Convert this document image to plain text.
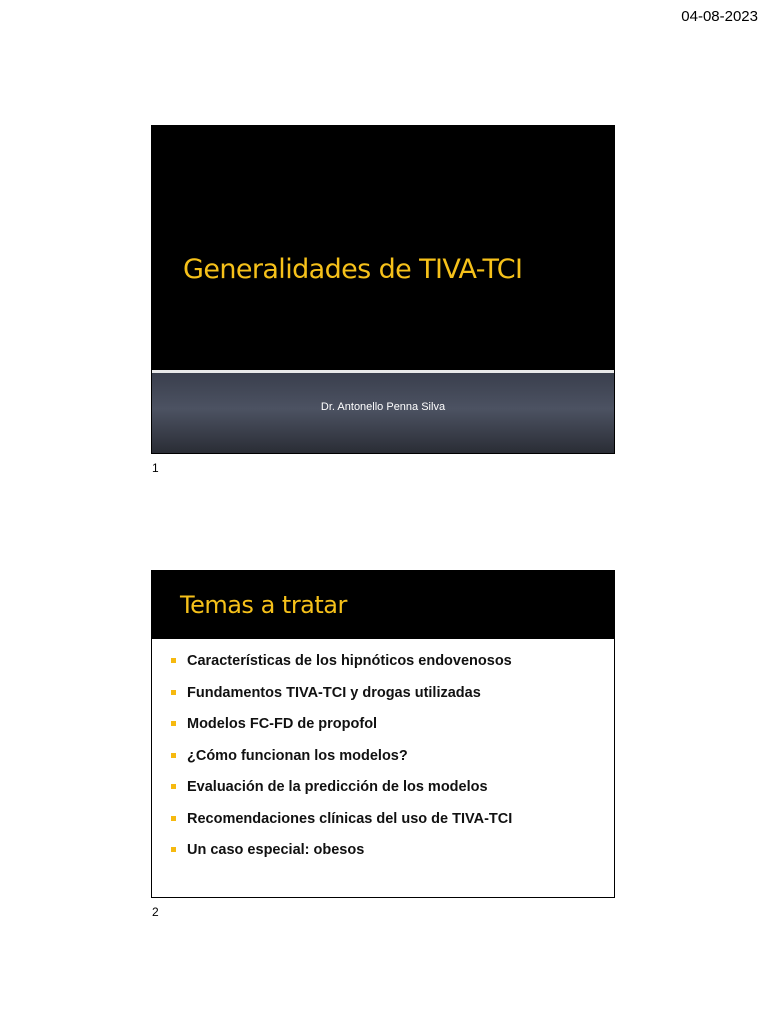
04-08-2023
Generalidades de TIVA-TCI
Dr. Antonello Penna Silva
1
Temas a tratar
Características de los hipnóticos endovenosos
Fundamentos TIVA-TCI y drogas utilizadas
Modelos FC-FD de propofol
¿Cómo funcionan los modelos?
Evaluación de la predicción de los modelos
Recomendaciones clínicas del uso de TIVA-TCI
Un caso especial: obesos
2
